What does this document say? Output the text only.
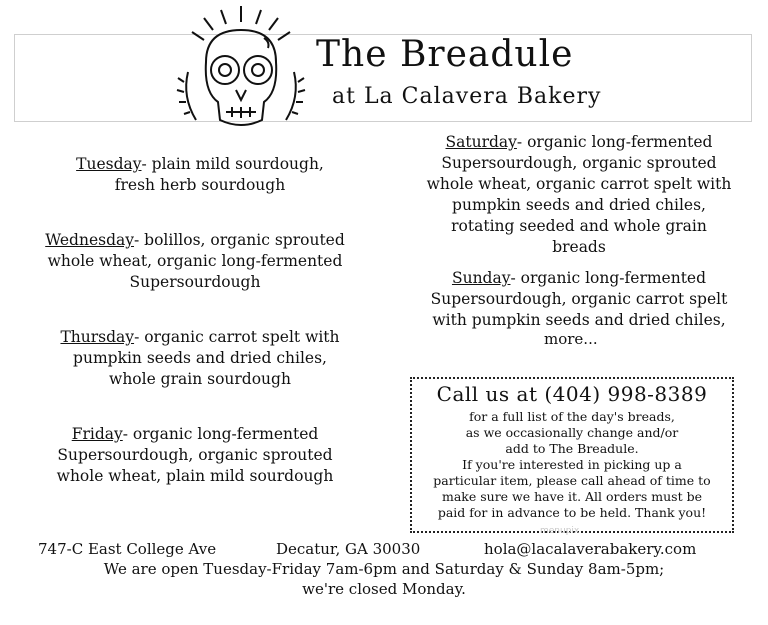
The Breadule
at La Calavera Bakery
Tuesday- plain mild sourdough,
fresh herb sourdough
Wednesday- bolillos, organic sprouted
whole wheat, organic long-fermented
Supersourdough
Thursday- organic carrot spelt with
pumpkin seeds and dried chiles,
whole grain sourdough
Friday- organic long-fermented
Supersourdough, organic sprouted
whole wheat, plain mild sourdough
Saturday- organic long-fermented
Supersourdough, organic sprouted
whole wheat, organic carrot spelt with
pumpkin seeds and dried chiles,
rotating seeded and whole grain
breads
Sunday- organic long-fermented
Supersourdough, organic carrot spelt
with pumpkin seeds and dried chiles,
more...
Call us at (404) 998-8389
for a full list of the day's breads,
as we occasionally change and/or
add to The Breadule.
If you're interested in picking up a
particular item, please call ahead of time to
make sure we have it. All orders must be
paid for in advance to be held. Thank you!
menupix
747-C East College Ave	Decatur, GA 30030	hola@lacalaverabakery.com
We are open Tuesday-Friday 7am-6pm and Saturday & Sunday 8am-5pm;
we're closed Monday.
